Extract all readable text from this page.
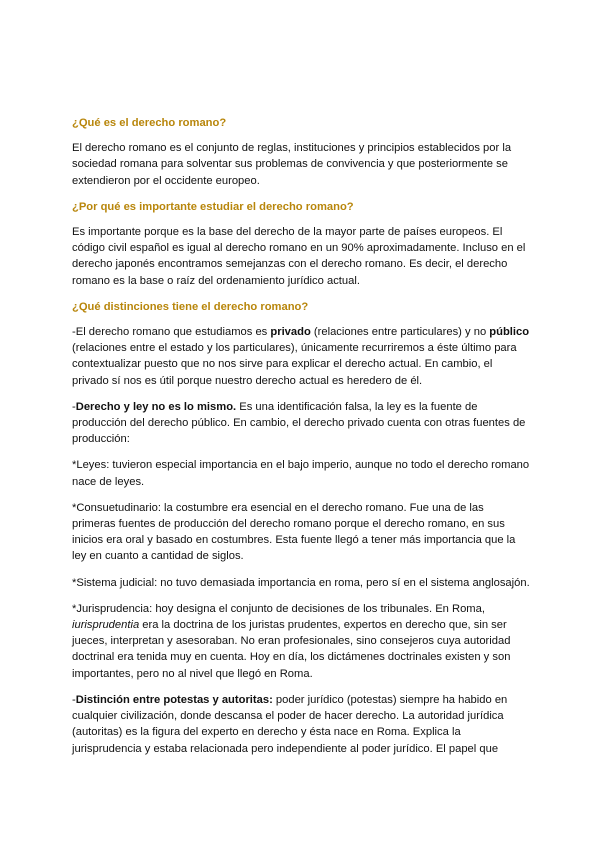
¿Qué es el derecho romano?

El derecho romano es el conjunto de reglas, instituciones y principios establecidos por la sociedad romana para solventar sus problemas de convivencia y que posteriormente se extendieron por el occidente europeo.

¿Por qué es importante estudiar el derecho romano?

Es importante porque es la base del derecho de la mayor parte de países europeos. El código civil español es igual al derecho romano en un 90% aproximadamente. Incluso en el derecho japonés encontramos semejanzas con el derecho romano. Es decir, el derecho romano es la base o raíz del ordenamiento jurídico actual.

¿Qué distinciones tiene el derecho romano?

-El derecho romano que estudiamos es privado (relaciones entre particulares) y no público (relaciones entre el estado y los particulares), únicamente recurriremos a éste último para contextualizar puesto que no nos sirve para explicar el derecho actual. En cambio, el privado sí nos es útil porque nuestro derecho actual es heredero de él.

-Derecho y ley no es lo mismo. Es una identificación falsa, la ley es la fuente de producción del derecho público. En cambio, el derecho privado cuenta con otras fuentes de producción:

*Leyes: tuvieron especial importancia en el bajo imperio, aunque no todo el derecho romano nace de leyes.

*Consuetudinario: la costumbre era esencial en el derecho romano. Fue una de las primeras fuentes de producción del derecho romano porque el derecho romano, en sus inicios era oral y basado en costumbres. Esta fuente llegó a tener más importancia que la ley en cuanto a cantidad de siglos.

*Sistema judicial: no tuvo demasiada importancia en roma, pero sí en el sistema anglosajón.

*Jurisprudencia: hoy designa el conjunto de decisiones de los tribunales. En Roma, iurisprudentia era la doctrina de los juristas prudentes, expertos en derecho que, sin ser jueces, interpretan y asesoraban. No eran profesionales, sino consejeros cuya autoridad doctrinal era tenida muy en cuenta. Hoy en día, los dictámenes doctrinales existen y son importantes, pero no al nivel que llegó en Roma.

-Distinción entre potestas y autoritas: poder jurídico (potestas) siempre ha habido en cualquier civilización, donde descansa el poder de hacer derecho. La autoridad jurídica (autoritas) es la figura del experto en derecho y ésta nace en Roma. Explica la jurisprudencia y estaba relacionada pero independiente al poder jurídico. El papel que
